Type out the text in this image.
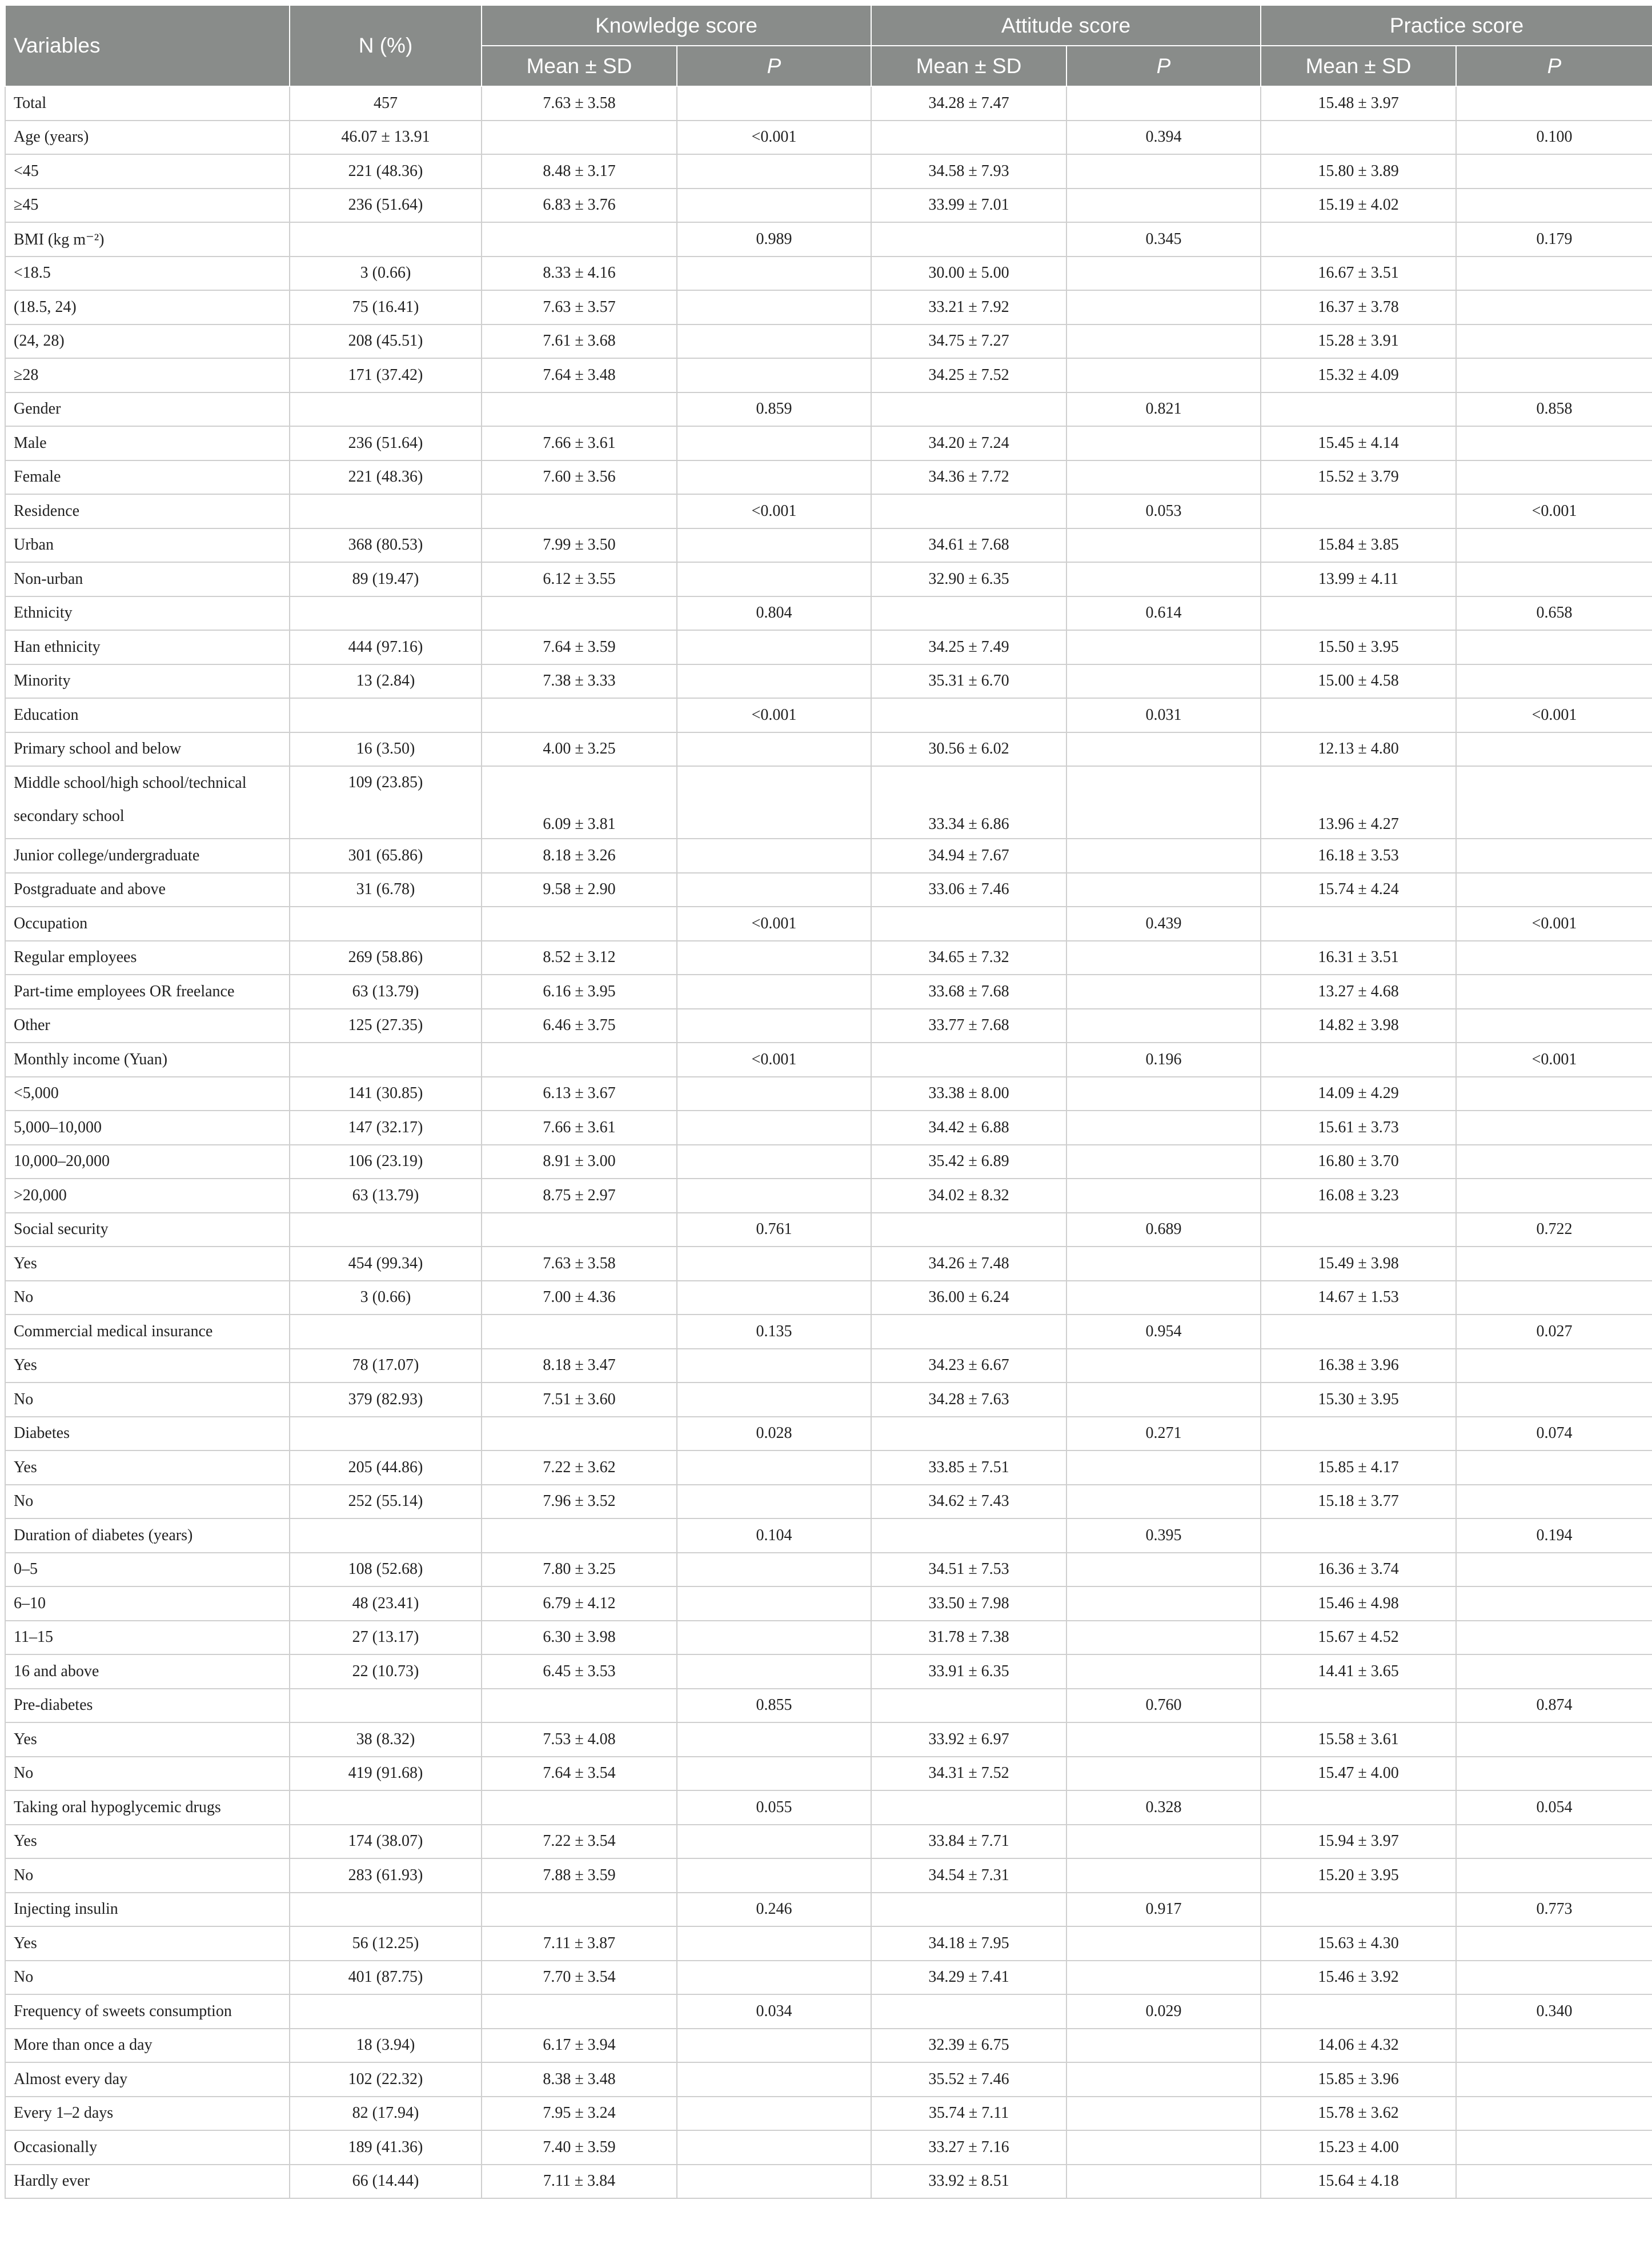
Variables	N (%)	Knowledge score		Attitude score		Practice score	
		Mean ± SD	P	Mean ± SD	P	Mean ± SD	P
Total	457	7.63 ± 3.58		34.28 ± 7.47		15.48 ± 3.97	
Age (years)	46.07 ± 13.91		<0.001		0.394		0.100
<45	221 (48.36)	8.48 ± 3.17		34.58 ± 7.93		15.80 ± 3.89	
≥45	236 (51.64)	6.83 ± 3.76		33.99 ± 7.01		15.19 ± 4.02	
BMI (kg m⁻²)			0.989		0.345		0.179
<18.5	3 (0.66)	8.33 ± 4.16		30.00 ± 5.00		16.67 ± 3.51	
(18.5, 24)	75 (16.41)	7.63 ± 3.57		33.21 ± 7.92		16.37 ± 3.78	
(24, 28)	208 (45.51)	7.61 ± 3.68		34.75 ± 7.27		15.28 ± 3.91	
≥28	171 (37.42)	7.64 ± 3.48		34.25 ± 7.52		15.32 ± 4.09	
Gender			0.859		0.821		0.858
Male	236 (51.64)	7.66 ± 3.61		34.20 ± 7.24		15.45 ± 4.14	
Female	221 (48.36)	7.60 ± 3.56		34.36 ± 7.72		15.52 ± 3.79	
Residence			<0.001		0.053		<0.001
Urban	368 (80.53)	7.99 ± 3.50		34.61 ± 7.68		15.84 ± 3.85	
Non-urban	89 (19.47)	6.12 ± 3.55		32.90 ± 6.35		13.99 ± 4.11	
Ethnicity			0.804		0.614		0.658
Han ethnicity	444 (97.16)	7.64 ± 3.59		34.25 ± 7.49		15.50 ± 3.95	
Minority	13 (2.84)	7.38 ± 3.33		35.31 ± 6.70		15.00 ± 4.58	
Education			<0.001		0.031		<0.001
Primary school and below	16 (3.50)	4.00 ± 3.25		30.56 ± 6.02		12.13 ± 4.80	
Middle school/high school/technical secondary school	109 (23.85)	6.09 ± 3.81		33.34 ± 6.86		13.96 ± 4.27	
Junior college/undergraduate	301 (65.86)	8.18 ± 3.26		34.94 ± 7.67		16.18 ± 3.53	
Postgraduate and above	31 (6.78)	9.58 ± 2.90		33.06 ± 7.46		15.74 ± 4.24	
Occupation			<0.001		0.439		<0.001
Regular employees	269 (58.86)	8.52 ± 3.12		34.65 ± 7.32		16.31 ± 3.51	
Part-time employees OR freelance	63 (13.79)	6.16 ± 3.95		33.68 ± 7.68		13.27 ± 4.68	
Other	125 (27.35)	6.46 ± 3.75		33.77 ± 7.68		14.82 ± 3.98	
Monthly income (Yuan)			<0.001		0.196		<0.001
<5,000	141 (30.85)	6.13 ± 3.67		33.38 ± 8.00		14.09 ± 4.29	
5,000–10,000	147 (32.17)	7.66 ± 3.61		34.42 ± 6.88		15.61 ± 3.73	
10,000–20,000	106 (23.19)	8.91 ± 3.00		35.42 ± 6.89		16.80 ± 3.70	
>20,000	63 (13.79)	8.75 ± 2.97		34.02 ± 8.32		16.08 ± 3.23	
Social security			0.761		0.689		0.722
Yes	454 (99.34)	7.63 ± 3.58		34.26 ± 7.48		15.49 ± 3.98	
No	3 (0.66)	7.00 ± 4.36		36.00 ± 6.24		14.67 ± 1.53	
Commercial medical insurance			0.135		0.954		0.027
Yes	78 (17.07)	8.18 ± 3.47		34.23 ± 6.67		16.38 ± 3.96	
No	379 (82.93)	7.51 ± 3.60		34.28 ± 7.63		15.30 ± 3.95	
Diabetes			0.028		0.271		0.074
Yes	205 (44.86)	7.22 ± 3.62		33.85 ± 7.51		15.85 ± 4.17	
No	252 (55.14)	7.96 ± 3.52		34.62 ± 7.43		15.18 ± 3.77	
Duration of diabetes (years)			0.104		0.395		0.194
0–5	108 (52.68)	7.80 ± 3.25		34.51 ± 7.53		16.36 ± 3.74	
6–10	48 (23.41)	6.79 ± 4.12		33.50 ± 7.98		15.46 ± 4.98	
11–15	27 (13.17)	6.30 ± 3.98		31.78 ± 7.38		15.67 ± 4.52	
16 and above	22 (10.73)	6.45 ± 3.53		33.91 ± 6.35		14.41 ± 3.65	
Pre-diabetes			0.855		0.760		0.874
Yes	38 (8.32)	7.53 ± 4.08		33.92 ± 6.97		15.58 ± 3.61	
No	419 (91.68)	7.64 ± 3.54		34.31 ± 7.52		15.47 ± 4.00	
Taking oral hypoglycemic drugs			0.055		0.328		0.054
Yes	174 (38.07)	7.22 ± 3.54		33.84 ± 7.71		15.94 ± 3.97	
No	283 (61.93)	7.88 ± 3.59		34.54 ± 7.31		15.20 ± 3.95	
Injecting insulin			0.246		0.917		0.773
Yes	56 (12.25)	7.11 ± 3.87		34.18 ± 7.95		15.63 ± 4.30	
No	401 (87.75)	7.70 ± 3.54		34.29 ± 7.41		15.46 ± 3.92	
Frequency of sweets consumption			0.034		0.029		0.340
More than once a day	18 (3.94)	6.17 ± 3.94		32.39 ± 6.75		14.06 ± 4.32	
Almost every day	102 (22.32)	8.38 ± 3.48		35.52 ± 7.46		15.85 ± 3.96	
Every 1–2 days	82 (17.94)	7.95 ± 3.24		35.74 ± 7.11		15.78 ± 3.62	
Occasionally	189 (41.36)	7.40 ± 3.59		33.27 ± 7.16		15.23 ± 4.00	
Hardly ever	66 (14.44)	7.11 ± 3.84		33.92 ± 8.51		15.64 ± 4.18	
